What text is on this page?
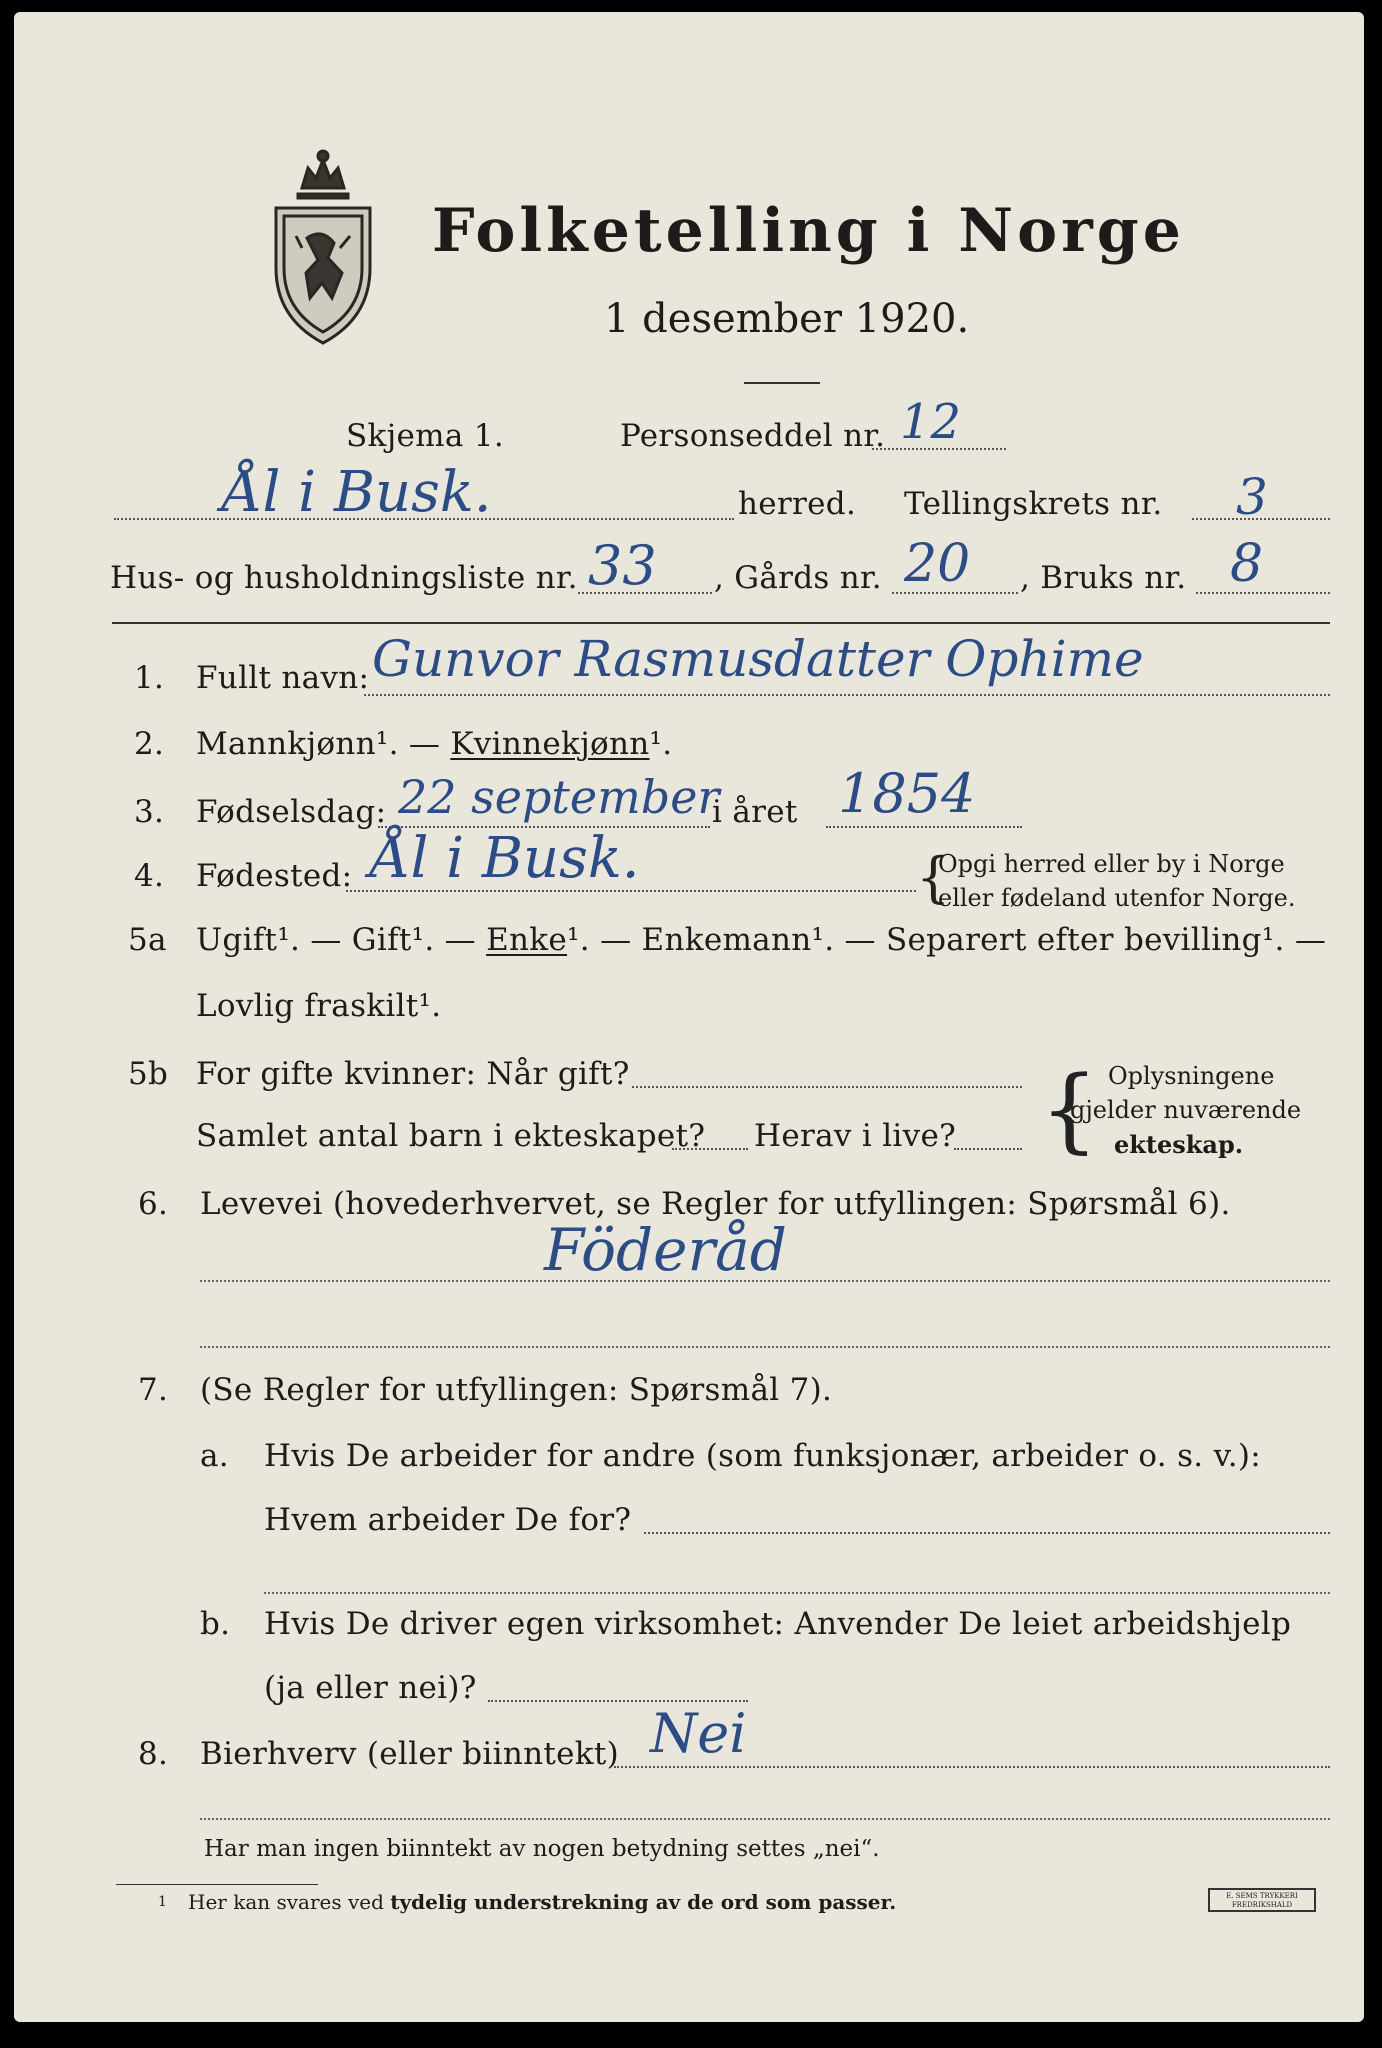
Folketelling i Norge
1 desember 1920.
Skjema 1.	Personseddel nr. 12
Ål i Busk.	herred. Tellingskrets nr. 3
Hus- og husholdningsliste nr. 33 , Gårds nr. 20 , Bruks nr. 8
1. Fullt navn: Gunvor Rasmusdatter Ophime
2. Mannkjønn¹. — Kvinnekjønn¹.
3. Fødselsdag: 22 september
i året 1854
4. Fødested: Ål i Busk.	{
Opgi herred eller by i Norge
eller fødeland utenfor Norge.
5a Ugift¹. — Gift¹. — Enke¹. — Enkemann¹. — Separert efter bevilling¹. —
Lovlig fraskilt¹.
5b For gifte kvinner: Når gift?
Samlet antal barn i ekteskapet? Herav i live? { Oplysningene
gjelder nuværende
ekteskap.
6. Levevei (hovederhvervet, se Regler for utfyllingen: Spørsmål 6).
Föderåd
7. (Se Regler for utfyllingen: Spørsmål 7).
a. Hvis De arbeider for andre (som funksjonær, arbeider o. s. v.):
Hvem arbeider De for?
b. Hvis De driver egen virksomhet: Anvender De leiet arbeidshjelp
(ja eller nei)?
8. Bierhverv (eller biinntekt) Nei
Har man ingen biinntekt av nogen betydning settes „nei“.
1 Her kan svares ved tydelig understrekning av de ord som passer.	E. SEMS TRYKKERI FREDRIKSHALD
